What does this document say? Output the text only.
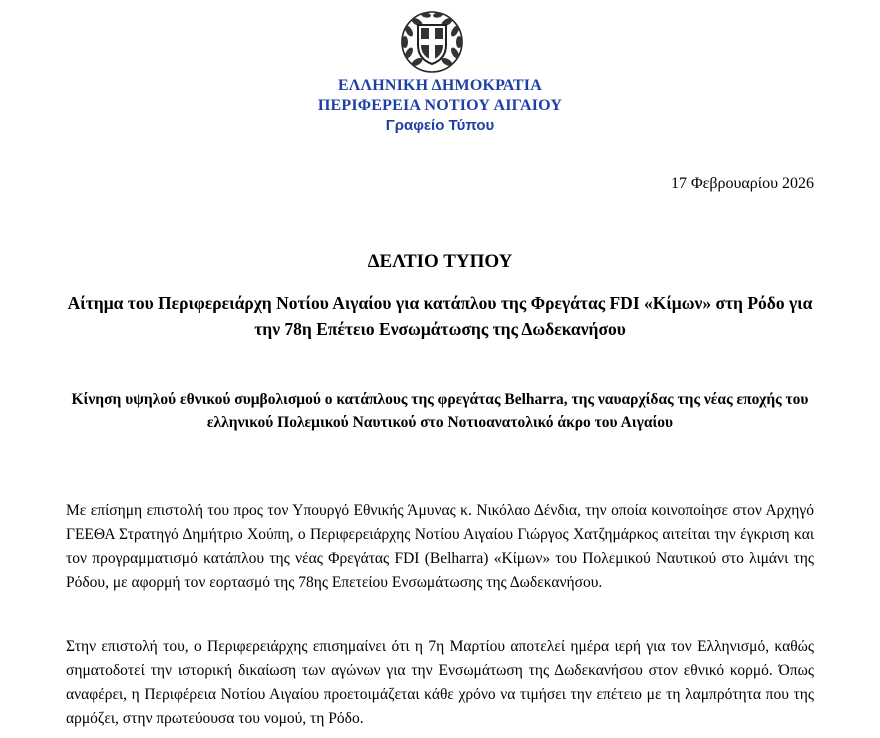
ΕΛΛΗΝΙΚΗ ΔΗΜΟΚΡΑΤΙΑ
ΠΕΡΙΦΕΡΕΙΑ ΝΟΤΙΟΥ ΑΙΓΑΙΟΥ
Γραφείο Τύπου
17 Φεβρουαρίου 2026
ΔΕΛΤΙΟ ΤΥΠΟΥ
Αίτημα του Περιφερειάρχη Νοτίου Αιγαίου για κατάπλου της Φρεγάτας FDI «Κίμων» στη Ρόδο για την 78η Επέτειο Ενσωμάτωσης της Δωδεκανήσου
Κίνηση υψηλού εθνικού συμβολισμού ο κατάπλους της φρεγάτας Belharra, της ναυαρχίδας της νέας εποχής του ελληνικού Πολεμικού Ναυτικού στο Νοτιοανατολικό άκρο του Αιγαίου
Με επίσημη επιστολή του προς τον Υπουργό Εθνικής Άμυνας κ. Νικόλαο Δένδια, την οποία κοινοποίησε στον Αρχηγό ΓΕΕΘΑ Στρατηγό Δημήτριο Χούπη, ο Περιφερειάρχης Νοτίου Αιγαίου Γιώργος Χατζημάρκος αιτείται την έγκριση και τον προγραμματισμό κατάπλου της νέας Φρεγάτας FDI (Belharra) «Κίμων» του Πολεμικού Ναυτικού στο λιμάνι της Ρόδου, με αφορμή τον εορτασμό της 78ης Επετείου Ενσωμάτωσης της Δωδεκανήσου.
Στην επιστολή του, ο Περιφερειάρχης επισημαίνει ότι η 7η Μαρτίου αποτελεί ημέρα ιερή για τον Ελληνισμό, καθώς σηματοδοτεί την ιστορική δικαίωση των αγώνων για την Ενσωμάτωση της Δωδεκανήσου στον εθνικό κορμό. Όπως αναφέρει, η Περιφέρεια Νοτίου Αιγαίου προετοιμάζεται κάθε χρόνο να τιμήσει την επέτειο με τη λαμπρότητα που της αρμόζει, στην πρωτεύουσα του νομού, τη Ρόδο.
